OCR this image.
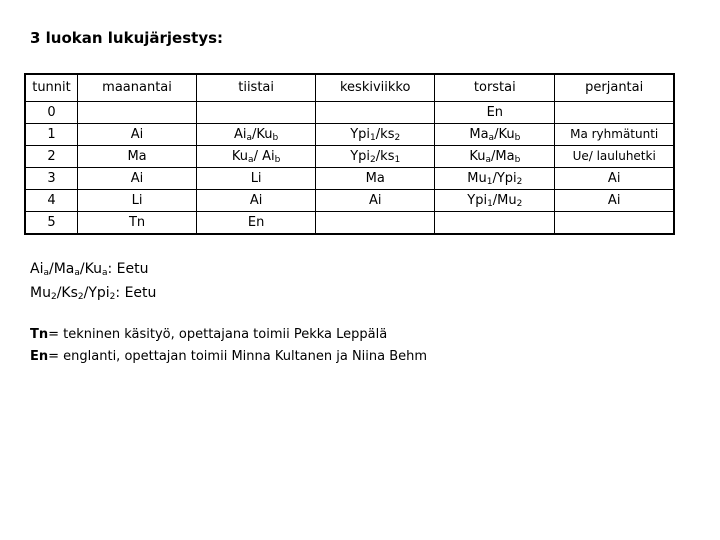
3 luokan lukujärjestys:
tunnit	maanantai	tiistai	keskiviikko	torstai	perjantai
0				En	
1	Ai	$Ai_a/Ku_b$	$Ypi_1/ks_2$	$Ma_a/Ku_b$	Ma ryhmätunti
2	Ma	$Ku_a/$ $Ai_b$	$Ypi_2/ks_1$	$Ku_a/Ma_b$	Ue/ lauluhetki
3	Ai	Li	Ma	$Mu_1/Ypi_2$	Ai
4	Li	Ai	Ai	$Ypi_1/Mu_2$	Ai
5	Tn	En			

$Ai_a/Ma_a/Ku_a$: Eetu

$Mu_2/Ks_2/Ypi_2$: Eetu

Tn= tekninen käsityö, opettajana toimii Pekka Leppälä

En= englanti, opettajan toimii Minna Kultanen ja Niina Behm
